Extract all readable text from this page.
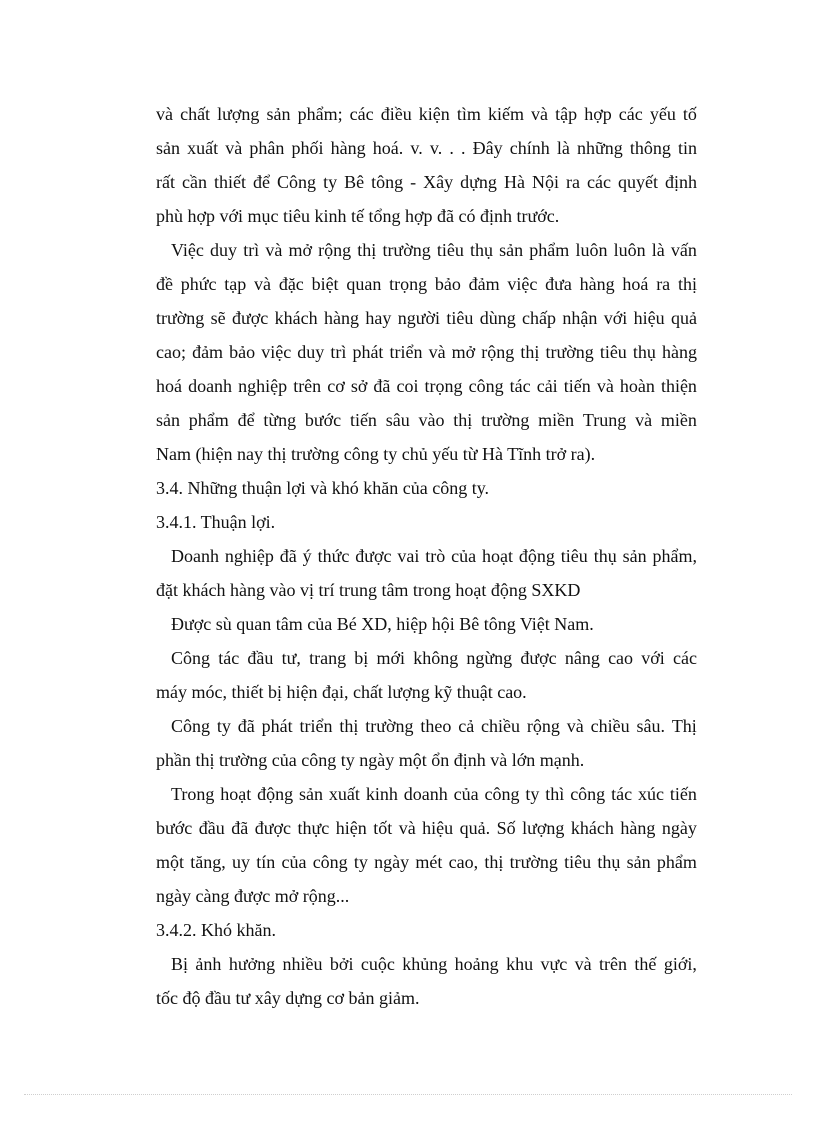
và chất lượng sản phẩm; các điều kiện tìm kiếm và tập hợp các yếu tố
sản xuất và phân phối hàng hoá. v. v. . . Đây chính là những thông tin
rất cần thiết để Công ty Bê tông - Xây dựng Hà Nội ra các quyết định
phù hợp với mục tiêu kinh tế tổng hợp đã có định trước.
Việc duy trì và mở rộng thị trường tiêu thụ sản phẩm luôn luôn là vấn
đề phức tạp và đặc biệt quan trọng bảo đảm việc đưa hàng hoá ra thị
trường sẽ được khách hàng hay người tiêu dùng chấp nhận với hiệu quả
cao; đảm bảo việc duy trì phát triển và mở rộng thị trường tiêu thụ hàng
hoá doanh nghiệp trên cơ sở đã coi trọng công tác cải tiến và hoàn thiện
sản phẩm để từng bước tiến sâu vào thị trường miền Trung và miền
Nam (hiện nay thị trường công ty chủ yếu từ Hà Tĩnh trở ra).
3.4. Những thuận lợi và khó khăn của công ty.
3.4.1. Thuận lợi.
Doanh nghiệp đã ý thức được vai trò của hoạt động tiêu thụ sản phẩm,
đặt khách hàng vào vị trí trung tâm trong hoạt động SXKD
Được sù quan tâm của Bé XD, hiệp hội Bê tông Việt Nam.
Công tác đầu tư, trang bị mới không ngừng được nâng cao với các
máy móc, thiết bị hiện đại, chất lượng kỹ thuật cao.
Công ty đã phát triển thị trường theo cả chiều rộng và chiều sâu. Thị
phần thị trường của công ty ngày một ổn định và lớn mạnh.
Trong hoạt động sản xuất kinh doanh của công ty thì công tác xúc tiến
bước đầu đã được thực hiện tốt và hiệu quả. Số lượng khách hàng ngày
một tăng, uy tín của công ty ngày mét cao, thị trường tiêu thụ sản phẩm
ngày càng được mở rộng...
3.4.2. Khó khăn.
Bị ảnh hưởng nhiều bởi cuộc khủng hoảng khu vực và trên thế giới,
tốc độ đầu tư xây dựng cơ bản giảm.
